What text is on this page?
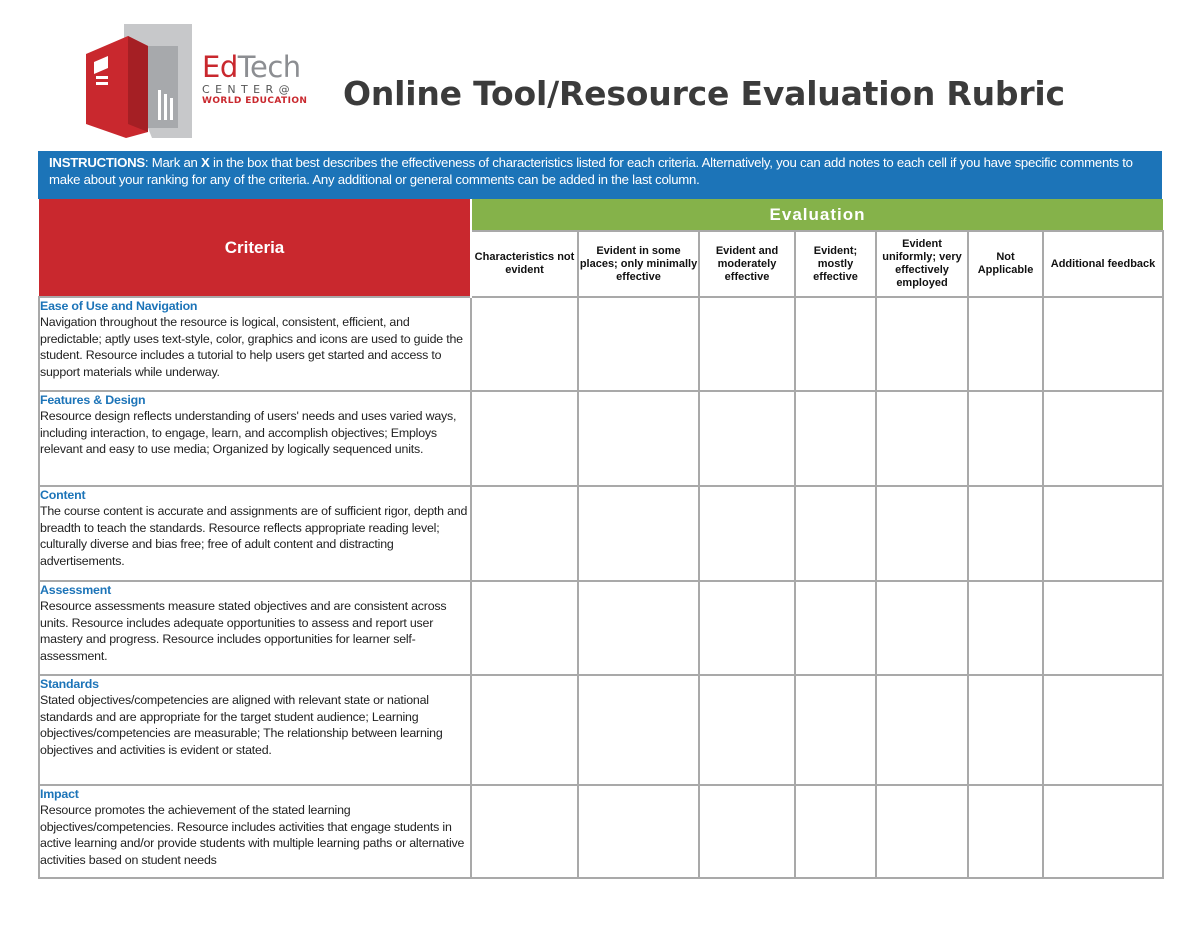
EdTech
CENTER@
WORLD EDUCATION	Online Tool/Resource Evaluation Rubric
INSTRUCTIONS: Mark an X in the box that best describes the effectiveness of characteristics listed for each criteria. Alternatively, you can add notes to each cell if you have specific comments to make about your ranking for any of the criteria. Any additional or general comments can be added in the last column.
Criteria	Evaluation						
	Characteristics not evident	Evident in some places; only minimally effective	Evident and moderately effective	Evident; mostly effective	Evident uniformly; very effectively employed	Not Applicable	Additional feedback

Ease of Use and Navigation
Navigation throughout the resource is logical, consistent, efficient, and predictable; aptly uses text-style, color, graphics and icons are used to guide the student. Resource includes a tutorial to help users get started and access to support materials while underway.							

Features & Design
Resource design reflects understanding of users' needs and uses varied ways, including interaction, to engage, learn, and accomplish objectives; Employs relevant and easy to use media; Organized by logically sequenced units.							

Content
The course content is accurate and assignments are of sufficient rigor, depth and breadth to teach the standards. Resource reflects appropriate reading level; culturally diverse and bias free; free of adult content and distracting advertisements.							

Assessment
Resource assessments measure stated objectives and are consistent across units. Resource includes adequate opportunities to assess and report user mastery and progress. Resource includes opportunities for learner self-assessment.							

Standards
Stated objectives/competencies are aligned with relevant state or national standards and are appropriate for the target student audience; Learning objectives/competencies are measurable; The relationship between learning objectives and activities is evident or stated.							

Impact
Resource promotes the achievement of the stated learning objectives/competencies. Resource includes activities that engage students in active learning and/or provide students with multiple learning paths or alternative activities based on student needs							
